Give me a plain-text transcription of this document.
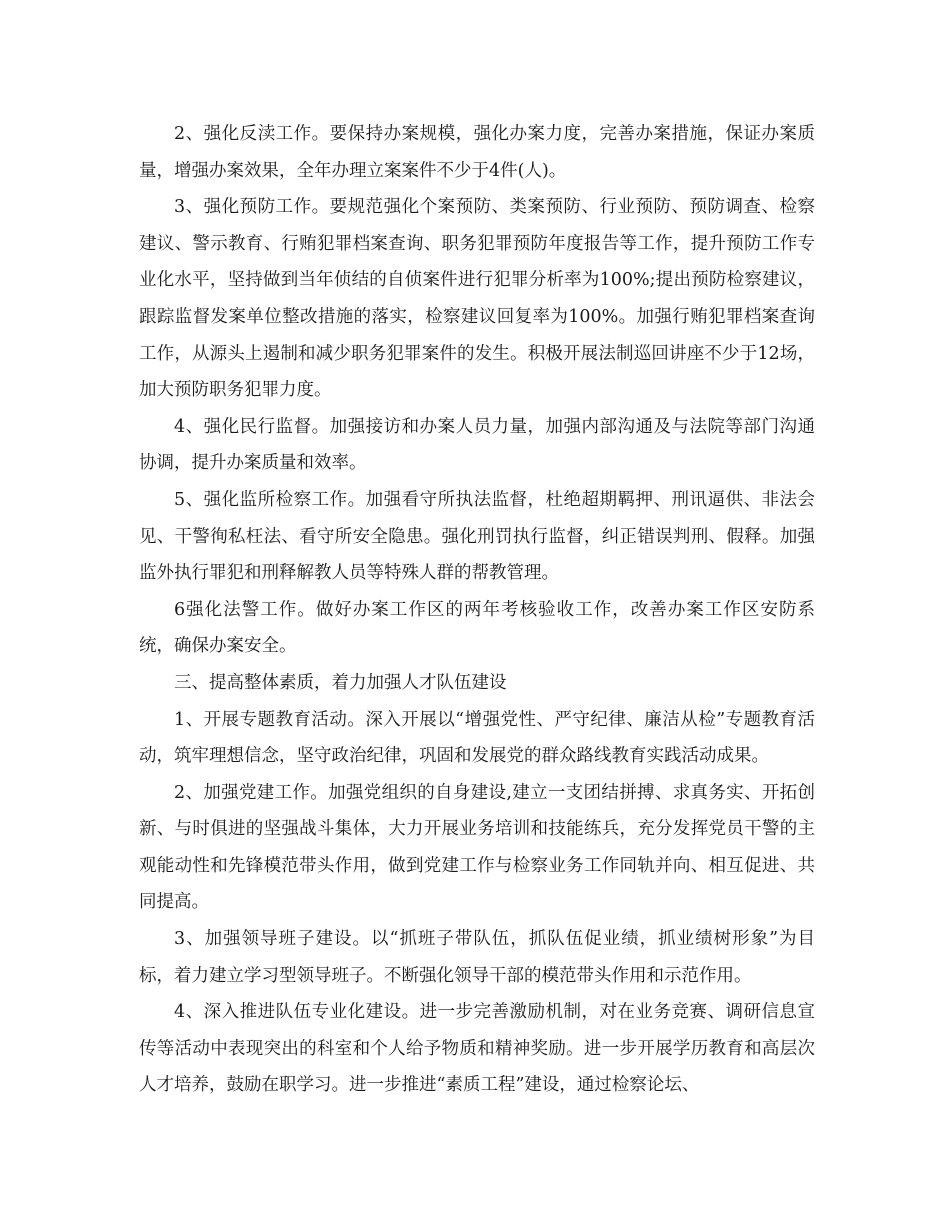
2、强化反渎工作。要保持办案规模，强化办案力度，完善办案措施，保证办案质量，增强办案效果，全年办理立案案件不少于4件(人)。

3、强化预防工作。要规范强化个案预防、类案预防、行业预防、预防调查、检察建议、警示教育、行贿犯罪档案查询、职务犯罪预防年度报告等工作，提升预防工作专业化水平，坚持做到当年侦结的自侦案件进行犯罪分析率为100%;提出预防检察建议，跟踪监督发案单位整改措施的落实，检察建议回复率为100%。加强行贿犯罪档案查询工作，从源头上遏制和减少职务犯罪案件的发生。积极开展法制巡回讲座不少于12场，加大预防职务犯罪力度。

4、强化民行监督。加强接访和办案人员力量，加强内部沟通及与法院等部门沟通协调，提升办案质量和效率。

5、强化监所检察工作。加强看守所执法监督，杜绝超期羁押、刑讯逼供、非法会见、干警徇私枉法、看守所安全隐患。强化刑罚执行监督，纠正错误判刑、假释。加强监外执行罪犯和刑释解教人员等特殊人群的帮教管理。

6强化法警工作。做好办案工作区的两年考核验收工作，改善办案工作区安防系统，确保办案安全。

三、提高整体素质，着力加强人才队伍建设

1、开展专题教育活动。深入开展以“增强党性、严守纪律、廉洁从检”专题教育活动，筑牢理想信念，坚守政治纪律，巩固和发展党的群众路线教育实践活动成果。

2、加强党建工作。加强党组织的自身建设,建立一支团结拼搏、求真务实、开拓创新、与时俱进的坚强战斗集体，大力开展业务培训和技能练兵，充分发挥党员干警的主观能动性和先锋模范带头作用，做到党建工作与检察业务工作同轨并向、相互促进、共同提高。

3、加强领导班子建设。以“抓班子带队伍，抓队伍促业绩，抓业绩树形象”为目标，着力建立学习型领导班子。不断强化领导干部的模范带头作用和示范作用。

4、深入推进队伍专业化建设。进一步完善激励机制，对在业务竞赛、调研信息宣传等活动中表现突出的科室和个人给予物质和精神奖励。进一步开展学历教育和高层次人才培养，鼓励在职学习。进一步推进“素质工程”建设，通过检察论坛、
